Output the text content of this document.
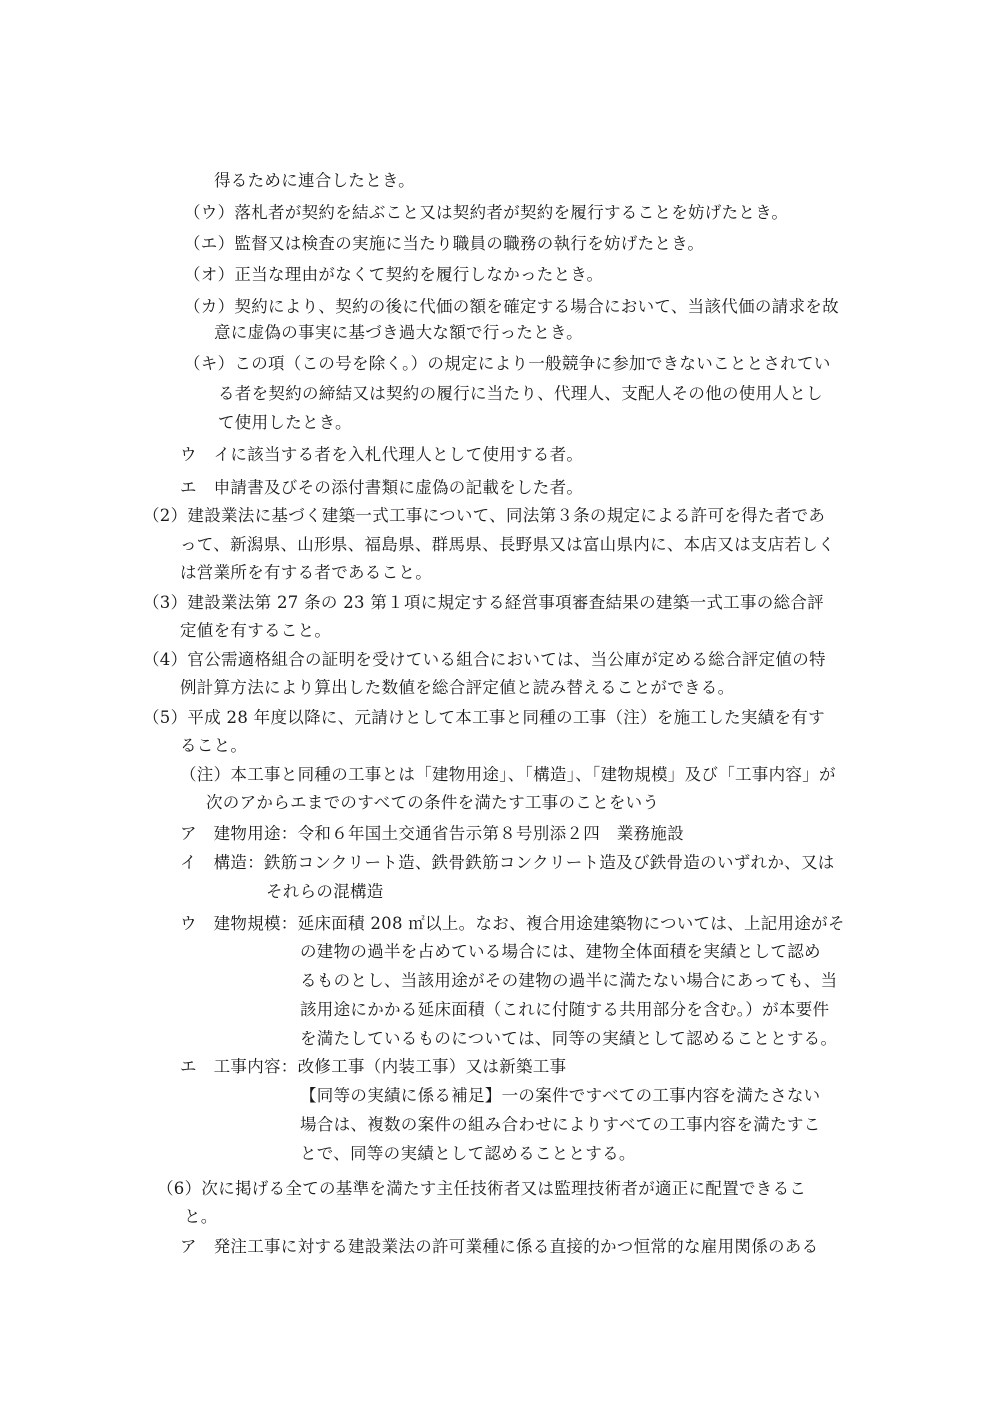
得るために連合したとき。
（ウ）落札者が契約を結ぶこと又は契約者が契約を履行することを妨げたとき。
（エ）監督又は検査の実施に当たり職員の職務の執行を妨げたとき。
（オ）正当な理由がなくて契約を履行しなかったとき。
（カ）契約により、契約の後に代価の額を確定する場合において、当該代価の請求を故
意に虚偽の事実に基づき過大な額で行ったとき。
（キ）この項（この号を除く。）の規定により一般競争に参加できないこととされてい
る者を契約の締結又は契約の履行に当たり、代理人、支配人その他の使用人とし
て使用したとき。
ウ　イに該当する者を入札代理人として使用する者。
エ　申請書及びその添付書類に虚偽の記載をした者。
（2）建設業法に基づく建築一式工事について、同法第３条の規定による許可を得た者であ
って、新潟県、山形県、福島県、群馬県、長野県又は富山県内に、本店又は支店若しく
は営業所を有する者であること。
（3）建設業法第 27 条の 23 第１項に規定する経営事項審査結果の建築一式工事の総合評
定値を有すること。
（4）官公需適格組合の証明を受けている組合においては、当公庫が定める総合評定値の特
例計算方法により算出した数値を総合評定値と読み替えることができる。
（5）平成 28 年度以降に、元請けとして本工事と同種の工事（注）を施工した実績を有す
ること。
（注）本工事と同種の工事とは「建物用途」、「構造」、「建物規模」及び「工事内容」が
次のアからエまでのすべての条件を満たす工事のことをいう
ア　建物用途：令和６年国土交通省告示第８号別添２四　業務施設
イ　構造：鉄筋コンクリート造、鉄骨鉄筋コンクリート造及び鉄骨造のいずれか、又は
それらの混構造
ウ　建物規模：延床面積 208 ㎡以上。なお、複合用途建築物については、上記用途がそ
の建物の過半を占めている場合には、建物全体面積を実績として認め
るものとし、当該用途がその建物の過半に満たない場合にあっても、当
該用途にかかる延床面積（これに付随する共用部分を含む。）が本要件
を満たしているものについては、同等の実績として認めることとする。
エ　工事内容：改修工事（内装工事）又は新築工事
【同等の実績に係る補足】一の案件ですべての工事内容を満たさない
場合は、複数の案件の組み合わせによりすべての工事内容を満たすこ
とで、同等の実績として認めることとする。
（6）次に掲げる全ての基準を満たす主任技術者又は監理技術者が適正に配置できるこ
と。
ア　発注工事に対する建設業法の許可業種に係る直接的かつ恒常的な雇用関係のある
